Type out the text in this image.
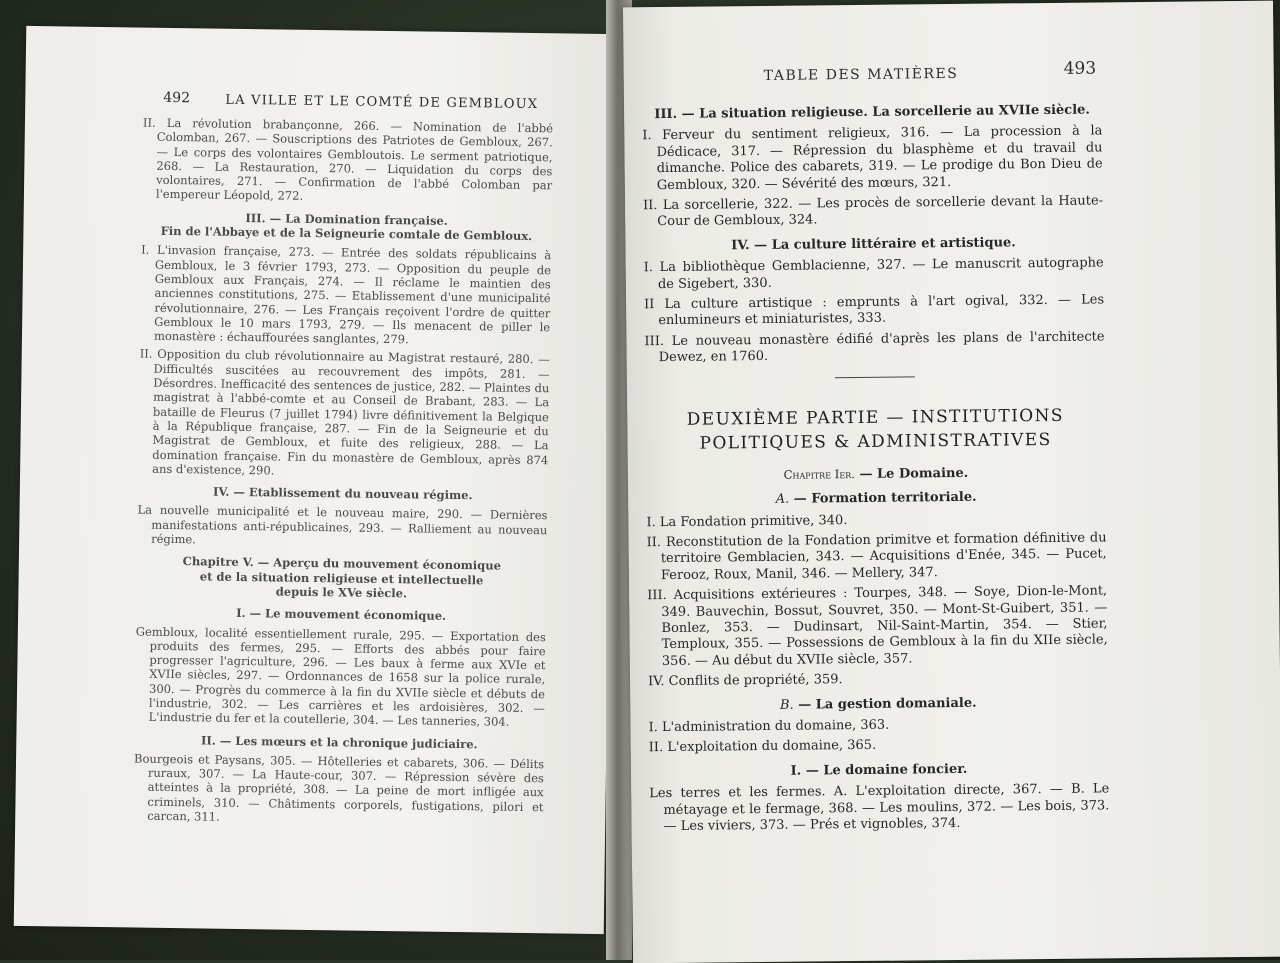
492	LA VILLE ET LE COMTÉ DE GEMBLOUX

II. La révolution brabançonne, 266. — Nomination de l'abbé Colomban, 267. — Souscriptions des Patriotes de Gembloux, 267. — Le corps des volontaires Gembloutois. Le serment patriotique, 268. — La Restauration, 270. — Liquidation du corps des volontaires, 271. — Confirmation de l'abbé Colomban par l'empereur Léopold, 272.

III. — La Domination française.
Fin de l'Abbaye et de la Seigneurie comtale de Gembloux.

I. L'invasion française, 273. — Entrée des soldats républicains à Gembloux, le 3 février 1793, 273. — Opposition du peuple de Gembloux aux Français, 274. — Il réclame le maintien des anciennes constitutions, 275. — Etablissement d'une municipalité révolutionnaire, 276. — Les Français reçoivent l'ordre de quitter Gembloux le 10 mars 1793, 279. — Ils menacent de piller le monastère : échauffourées sanglantes, 279.

II. Opposition du club révolutionnaire au Magistrat restauré, 280. — Difficultés suscitées au recouvrement des impôts, 281. — Désordres. Inefficacité des sentences de justice, 282. — Plaintes du magistrat à l'abbé-comte et au Conseil de Brabant, 283. — La bataille de Fleurus (7 juillet 1794) livre définitivement la Belgique à la République française, 287. — Fin de la Seigneurie et du Magistrat de Gembloux, et fuite des religieux, 288. — La domination française. Fin du monastère de Gembloux, après 874 ans d'existence, 290.

IV. — Etablissement du nouveau régime.

La nouvelle municipalité et le nouveau maire, 290. — Dernières manifestations anti-républicaines, 293. — Ralliement au nouveau régime.

Chapitre V. — Aperçu du mouvement économique
et de la situation religieuse et intellectuelle
depuis le XVe siècle.
I. — Le mouvement économique.

Gembloux, localité essentiellement rurale, 295. — Exportation des produits des fermes, 295. — Efforts des abbés pour faire progresser l'agriculture, 296. — Les baux à ferme aux XVIe et XVIIe siècles, 297. — Ordonnances de 1658 sur la police rurale, 300. — Progrès du commerce à la fin du XVIIe siècle et débuts de l'industrie, 302. — Les carrières et les ardoisières, 302. — L'industrie du fer et la coutellerie, 304. — Les tanneries, 304.

II. — Les mœurs et la chronique judiciaire.

Bourgeois et Paysans, 305. — Hôtelleries et cabarets, 306. — Délits ruraux, 307. — La Haute-cour, 307. — Répression sévère des atteintes à la propriété, 308. — La peine de mort infligée aux criminels, 310. — Châtiments corporels, fustigations, pilori et carcan, 311.

TABLE DES MATIÈRES	493
III. — La situation religieuse. La sorcellerie au XVIIe siècle.

I. Ferveur du sentiment religieux, 316. — La procession à la Dédicace, 317. — Répression du blasphème et du travail du dimanche. Police des cabarets, 319. — Le prodige du Bon Dieu de Gembloux, 320. — Sévérité des mœurs, 321.

II. La sorcellerie, 322. — Les procès de sorcellerie devant la Haute-Cour de Gembloux, 324.

IV. — La culture littéraire et artistique.

I. La bibliothèque Gemblacienne, 327. — Le manuscrit autographe de Sigebert, 330.

II La culture artistique : emprunts à l'art ogival, 332. — Les enlumineurs et miniaturistes, 333.

III. Le nouveau monastère édifié d'après les plans de l'architecte Dewez, en 1760.

DEUXIÈME PARTIE — INSTITUTIONS
POLITIQUES & ADMINISTRATIVES
Chapitre Ier. — Le Domaine.
A. — Formation territoriale.

I. La Fondation primitive, 340.

II. Reconstitution de la Fondation primitve et formation définitive du territoire Gemblacien, 343. — Acquisitions d'Enée, 345. — Pucet, Ferooz, Roux, Manil, 346. — Mellery, 347.

III. Acquisitions extérieures : Tourpes, 348. — Soye, Dion-le-Mont, 349. Bauvechin, Bossut, Souvret, 350. — Mont-St-Guibert, 351. — Bonlez, 353. — Dudinsart, Nil-Saint-Martin, 354. — Stier, Temploux, 355. — Possessions de Gembloux à la fin du XIIe siècle, 356. — Au début du XVIIe siècle, 357.

IV. Conflits de propriété, 359.

B. — La gestion domaniale.

I. L'administration du domaine, 363.

II. L'exploitation du domaine, 365.

I. — Le domaine foncier.

Les terres et les fermes. A. L'exploitation directe, 367. — B. Le métayage et le fermage, 368. — Les moulins, 372. — Les bois, 373. — Les viviers, 373. — Prés et vignobles, 374.
